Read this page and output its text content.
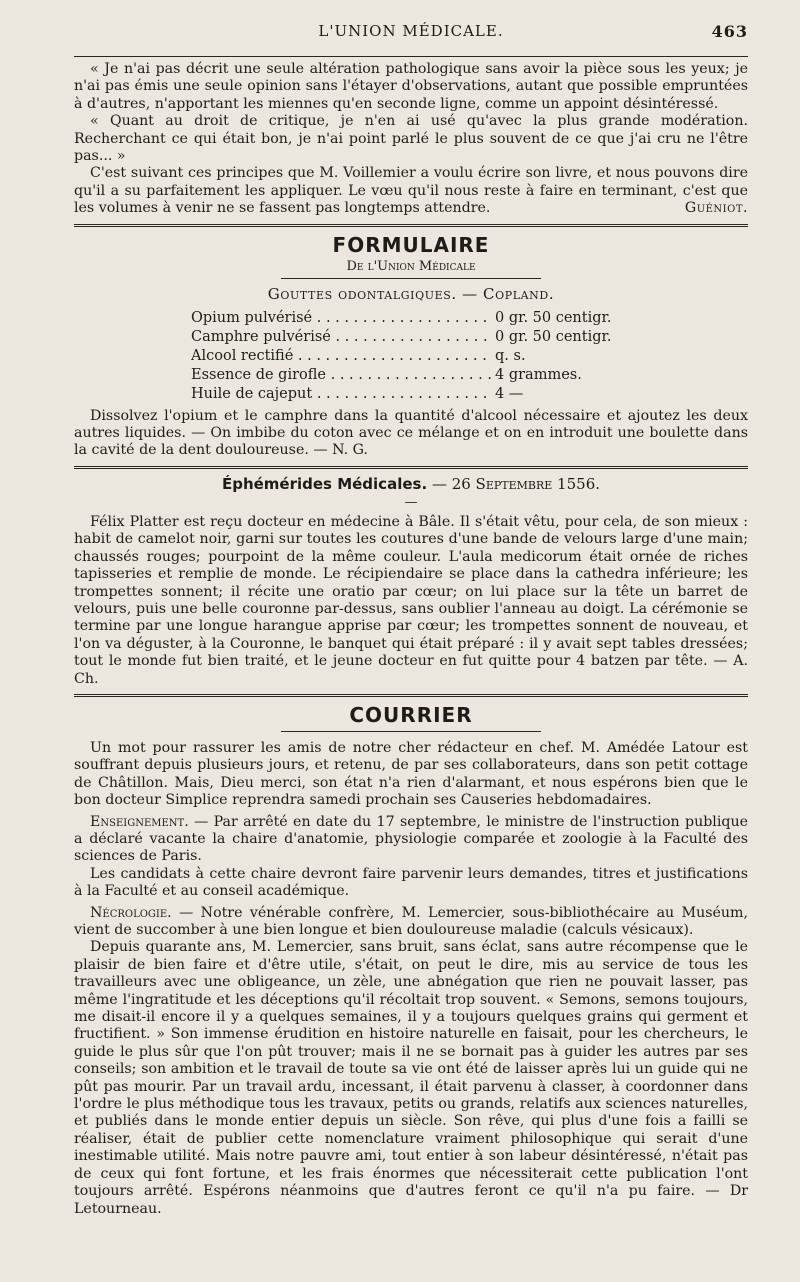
L'UNION MÉDICALE.	463

« Je n'ai pas décrit une seule altération pathologique sans avoir la pièce sous les yeux; je n'ai pas émis une seule opinion sans l'étayer d'observations, autant que possible empruntées à d'autres, n'apportant les miennes qu'en seconde ligne, comme un appoint désintéressé.

« Quant au droit de critique, je n'en ai usé qu'avec la plus grande modération. Recherchant ce qui était bon, je n'ai point parlé le plus souvent de ce que j'ai cru ne l'être pas... »

C'est suivant ces principes que M. Voillemier a voulu écrire son livre, et nous pouvons dire qu'il a su parfaitement les appliquer. Le vœu qu'il nous reste à faire en terminant, c'est que les volumes à venir ne se fassent pas longtemps attendre.	Guéniot.

FORMULAIRE
De l'Union Médicale
Gouttes odontalgiques. — Copland.
Opium pulvérisé . . .	0 gr. 50 centigr.
Camphre pulvérisé . . .	0 gr. 50 centigr.
Alcool rectifié . . .	q. s.
Essence de girofle . . .	4 grammes.
Huile de cajeput . . .	4 —

Dissolvez l'opium et le camphre dans la quantité d'alcool nécessaire et ajoutez les deux autres liquides. — On imbibe du coton avec ce mélange et on en introduit une boulette dans la cavité de la dent douloureuse. — N. G.

Éphémérides Médicales. — 26 Septembre 1556.
—

Félix Platter est reçu docteur en médecine à Bâle. Il s'était vêtu, pour cela, de son mieux : habit de camelot noir, garni sur toutes les coutures d'une bande de velours large d'une main; chaussés rouges; pourpoint de la même couleur. L'aula medicorum était ornée de riches tapisseries et remplie de monde. Le récipiendaire se place dans la cathedra inférieure; les trompettes sonnent; il récite une oratio par cœur; on lui place sur la tête un barret de velours, puis une belle couronne par-dessus, sans oublier l'anneau au doigt. La cérémonie se termine par une longue harangue apprise par cœur; les trompettes sonnent de nouveau, et l'on va déguster, à la Couronne, le banquet qui était préparé : il y avait sept tables dressées; tout le monde fut bien traité, et le jeune docteur en fut quitte pour 4 batzen par tête. — A. Ch.

COURRIER

Un mot pour rassurer les amis de notre cher rédacteur en chef. M. Amédée Latour est souffrant depuis plusieurs jours, et retenu, de par ses collaborateurs, dans son petit cottage de Châtillon. Mais, Dieu merci, son état n'a rien d'alarmant, et nous espérons bien que le bon docteur Simplice reprendra samedi prochain ses Causeries hebdomadaires.

Enseignement. — Par arrêté en date du 17 septembre, le ministre de l'instruction publique a déclaré vacante la chaire d'anatomie, physiologie comparée et zoologie à la Faculté des sciences de Paris.

Les candidats à cette chaire devront faire parvenir leurs demandes, titres et justifications à la Faculté et au conseil académique.

Nécrologie. — Notre vénérable confrère, M. Lemercier, sous-bibliothécaire au Muséum, vient de succomber à une bien longue et bien douloureuse maladie (calculs vésicaux).

Depuis quarante ans, M. Lemercier, sans bruit, sans éclat, sans autre récompense que le plaisir de bien faire et d'être utile, s'était, on peut le dire, mis au service de tous les travailleurs avec une obligeance, un zèle, une abnégation que rien ne pouvait lasser, pas même l'ingratitude et les déceptions qu'il récoltait trop souvent. « Semons, semons toujours, me disait-il encore il y a quelques semaines, il y a toujours quelques grains qui germent et fructifient. » Son immense érudition en histoire naturelle en faisait, pour les chercheurs, le guide le plus sûr que l'on pût trouver; mais il ne se bornait pas à guider les autres par ses conseils; son ambition et le travail de toute sa vie ont été de laisser après lui un guide qui ne pût pas mourir. Par un travail ardu, incessant, il était parvenu à classer, à coordonner dans l'ordre le plus méthodique tous les travaux, petits ou grands, relatifs aux sciences naturelles, et publiés dans le monde entier depuis un siècle. Son rêve, qui plus d'une fois a failli se réaliser, était de publier cette nomenclature vraiment philosophique qui serait d'une inestimable utilité. Mais notre pauvre ami, tout entier à son labeur désintéressé, n'était pas de ceux qui font fortune, et les frais énormes que nécessiterait cette publication l'ont toujours arrêté. Espérons néanmoins que d'autres feront ce qu'il n'a pu faire. — Dr Letourneau.
